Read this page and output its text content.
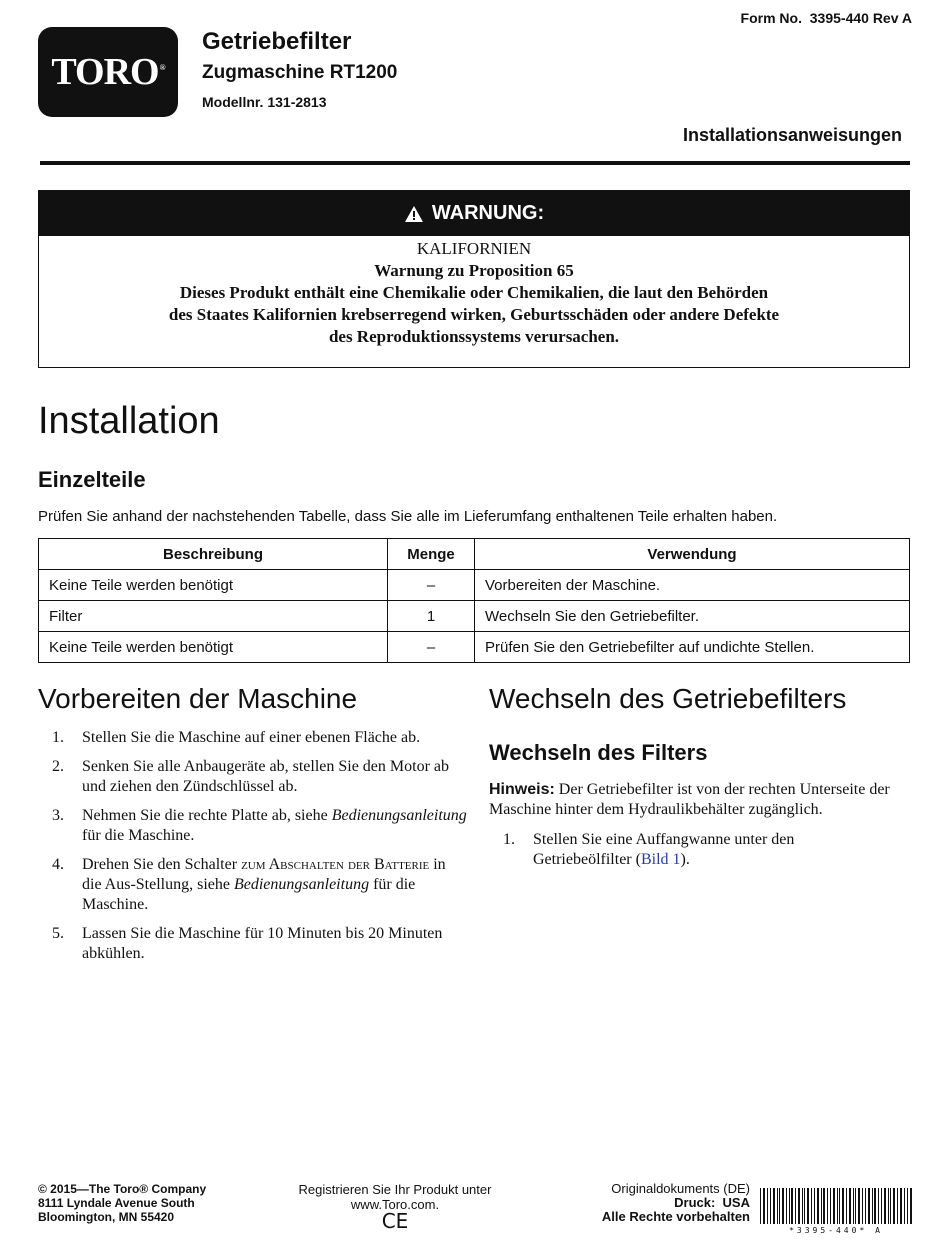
TORO®
Getriebefilter
Zugmaschine RT1200
Modellnr. 131-2813
Form No.  3395-440 Rev A
Installationsanweisungen
WARNUNG:
KALIFORNIEN
Warnung zu Proposition 65
Dieses Produkt enthält eine Chemikalie oder Chemikalien, die laut den Behörden
des Staates Kalifornien krebserregend wirken, Geburtsschäden oder andere Defekte
des Reproduktionssystems verursachen.
Installation
Einzelteile
Prüfen Sie anhand der nachstehenden Tabelle, dass Sie alle im Lieferumfang enthaltenen Teile erhalten haben.
Beschreibung	Menge	Verwendung
Keine Teile werden benötigt	–	Vorbereiten der Maschine.
Filter	1	Wechseln Sie den Getriebefilter.
Keine Teile werden benötigt	–	Prüfen Sie den Getriebefilter auf undichte Stellen.
Vorbereiten der Maschine
1. Stellen Sie die Maschine auf einer ebenen Fläche ab.
2. Senken Sie alle Anbaugeräte ab, stellen Sie den Motor ab und ziehen den Zündschlüssel ab.
3. Nehmen Sie die rechte Platte ab, siehe Bedienungsanleitung für die Maschine.
4. Drehen Sie den Schalter zum Abschalten der Batterie in die Aus-Stellung, siehe Bedienungsanleitung für die Maschine.
5. Lassen Sie die Maschine für 10 Minuten bis 20 Minuten abkühlen.
Wechseln des Getriebefilters
Wechseln des Filters
Hinweis: Der Getriebefilter ist von der rechten Unterseite der Maschine hinter dem Hydraulikbehälter zugänglich.
1. Stellen Sie eine Auffangwanne unter den Getriebeölfilter (Bild 1).
© 2015—The Toro® Company
8111 Lyndale Avenue South
Bloomington, MN 55420
Registrieren Sie Ihr Produkt unter
www.Toro.com.
CE
Originaldokuments (DE)
Druck:  USA
Alle Rechte vorbehalten
*3395-440* A
